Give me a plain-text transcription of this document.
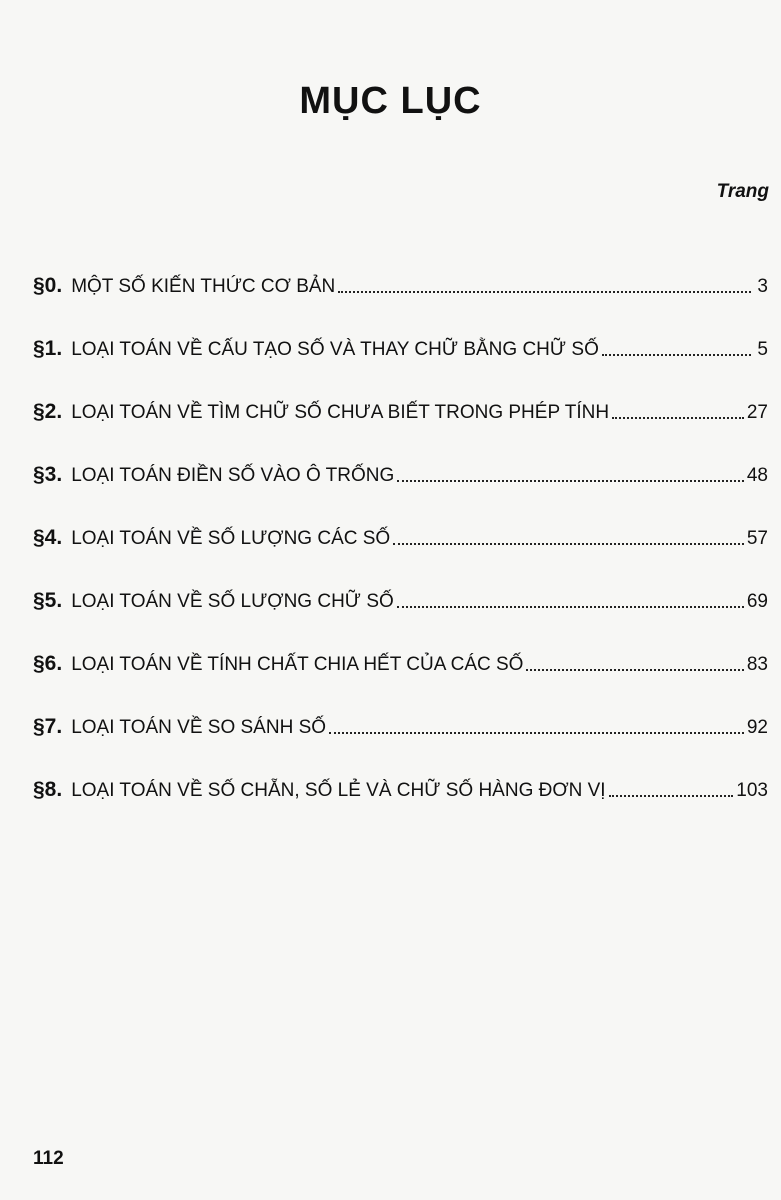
MỤC LỤC
Trang
§0. MỘT SỐ KIẾN THỨC CƠ BẢN	3
§1. LOẠI TOÁN VỀ CẤU TẠO SỐ VÀ THAY CHỮ BẰNG CHỮ SỐ	5
§2. LOẠI TOÁN VỀ TÌM CHỮ SỐ CHƯA BIẾT TRONG PHÉP TÍNH	27
§3. LOẠI TOÁN ĐIỀN SỐ VÀO Ô TRỐNG	48
§4. LOẠI TOÁN VỀ SỐ LƯỢNG CÁC SỐ	57
§5. LOẠI TOÁN VỀ SỐ LƯỢNG CHỮ SỐ	69
§6. LOẠI TOÁN VỀ TÍNH CHẤT CHIA HẾT CỦA CÁC SỐ	83
§7. LOẠI TOÁN VỀ SO SÁNH SỐ	92
§8. LOẠI TOÁN VỀ SỐ CHẴN, SỐ LẺ VÀ CHỮ SỐ HÀNG ĐƠN VỊ	103
112
